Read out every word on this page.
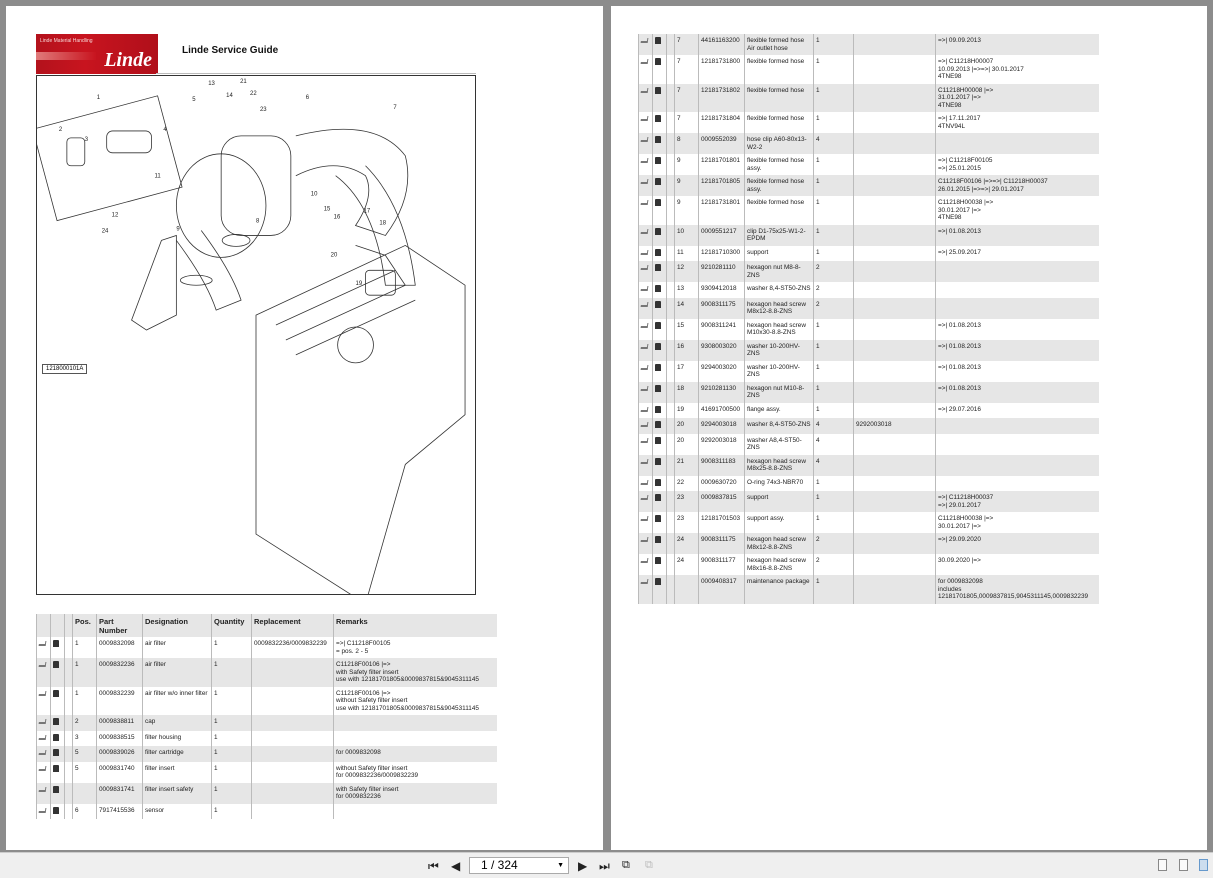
Linde Material Handling
Linde	Linde Service Guide
1
2
3
4
5	6
7
8
9
10
11
12
13
14
15
16
17
18
19
20
21
22
23
24
1218000101A
			Pos.	Part Number	Designation	Quantity	Replacement	Remarks
			1	0009832098	air filter	1	0009832236/0009832239	=>| C11218F00105
= pos. 2 - 5
			1	0009832236	air filter	1		C11218F00106 |=>
with Safety filter insert
use with 12181701805&0009837815&9045311145
			1	0009832239	air filter w/o inner filter	1		C11218F00106 |=>
without Safety filter insert
use with 12181701805&0009837815&9045311145
			2	0009838811	cap	1		
			3	0009838515	filter housing	1		
			5	0009839026	filter cartridge	1		for 0009832098
			5	0009831740	filter insert	1		without Safety filter insert
for 0009832236/0009832239
				0009831741	filter insert safety	1		with Safety filter insert
for 0009832236
			6	7917415536	sensor	1		
			7	44161163200	flexible formed hose
Air outlet hose	1		=>| 09.09.2013
			7	12181731800	flexible formed hose	1		=>| C11218H00007
10.09.2013 |=>=>| 30.01.2017
4TNE98
			7	12181731802	flexible formed hose	1		C11218H00008 |=>
31.01.2017 |=>
4TNE98
			7	12181731804	flexible formed hose	1		=>| 17.11.2017
4TNV94L
			8	0009552039	hose clip A60-80x13-W2-2	4		
			9	12181701801	flexible formed hose assy.	1		=>| C11218F00105
=>| 25.01.2015
			9	12181701805	flexible formed hose assy.	1		C11218F00106 |=>=>| C11218H00037
26.01.2015 |=>=>| 29.01.2017
			9	12181731801	flexible formed hose	1		C11218H00038 |=>
30.01.2017 |=>
4TNE98
			10	0009551217	clip D1-75x25-W1-2-EPDM	1		=>| 01.08.2013
			11	12181710300	support	1		=>| 25.09.2017
			12	9210281110	hexagon nut M8-8-ZNS	2		
			13	9309412018	washer 8,4-ST50-ZNS	2		
			14	9008311175	hexagon head screw M8x12-8.8-ZNS	2		
			15	9008311241	hexagon head screw M10x30-8.8-ZNS	1		=>| 01.08.2013
			16	9308003020	washer 10-200HV-ZNS	1		=>| 01.08.2013
			17	9294003020	washer 10-200HV-ZNS	1		=>| 01.08.2013
			18	9210281130	hexagon nut M10-8-ZNS	1		=>| 01.08.2013
			19	41691700500	flange assy.	1		=>| 29.07.2016
			20	9294003018	washer 8,4-ST50-ZNS	4	9292003018	
			20	9292003018	washer A8,4-ST50-ZNS	4		
			21	9008311183	hexagon head screw M8x25-8.8-ZNS	4		
			22	0009630720	O-ring 74x3-NBR70	1		
			23	0009837815	support	1		=>| C11218H00037
=>| 29.01.2017
			23	12181701503	support assy.	1		C11218H00038 |=>
30.01.2017 |=>
			24	9008311175	hexagon head screw M8x12-8.8-ZNS	2		=>| 29.09.2020
			24	9008311177	hexagon head screw M8x16-8.8-ZNS	2		30.09.2020 |=>
				0009408317	maintenance package	1		for 0009832098
includes
12181701805,0009837815,9045311145,0009832239
⏮ ◀	1 / 324	▼ ▶ ⏭ ⧉ ⧉
